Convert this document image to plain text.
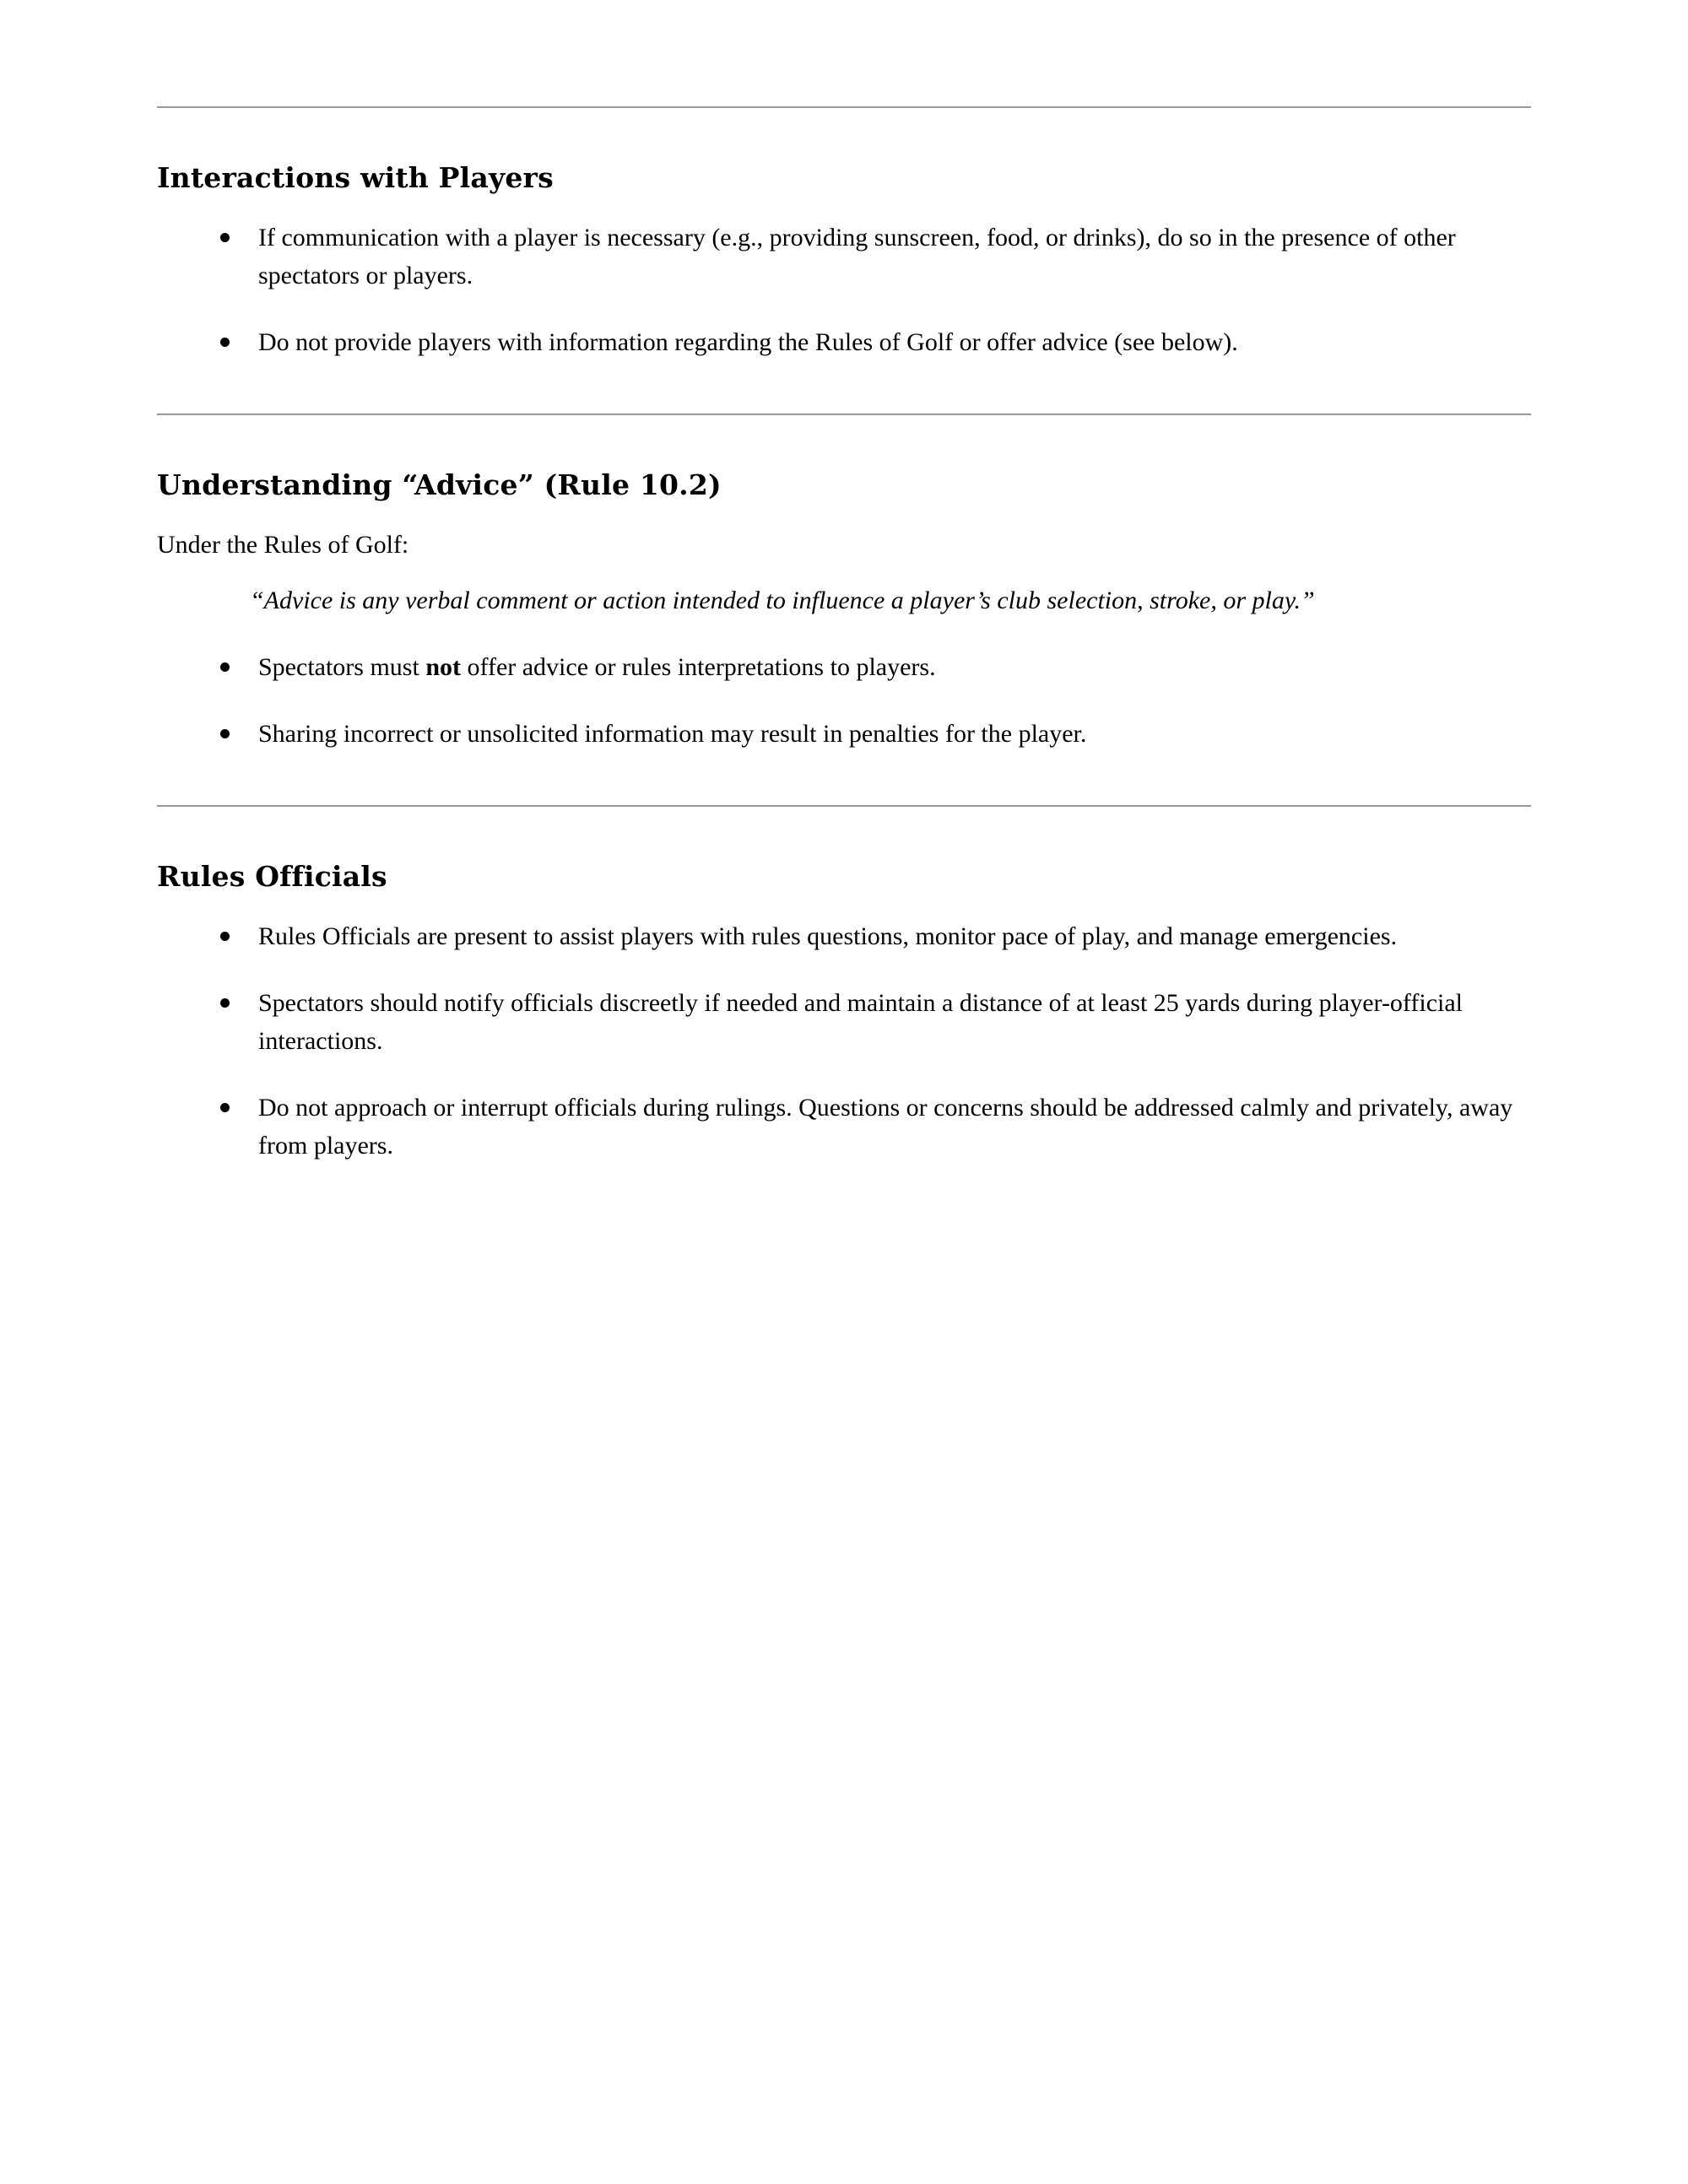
Interactions with Players
If communication with a player is necessary (e.g., providing sunscreen, food, or drinks), do so in the presence of other spectators or players.
Do not provide players with information regarding the Rules of Golf or offer advice (see below).
Understanding “Advice” (Rule 10.2)

Under the Rules of Golf:

“Advice is any verbal comment or action intended to influence a player’s club selection, stroke, or play.”

Spectators must not offer advice or rules interpretations to players.
Sharing incorrect or unsolicited information may result in penalties for the player.
Rules Officials
Rules Officials are present to assist players with rules questions, monitor pace of play, and manage emergencies.
Spectators should notify officials discreetly if needed and maintain a distance of at least 25 yards during player-official interactions.
Do not approach or interrupt officials during rulings. Questions or concerns should be addressed calmly and privately, away from players.
